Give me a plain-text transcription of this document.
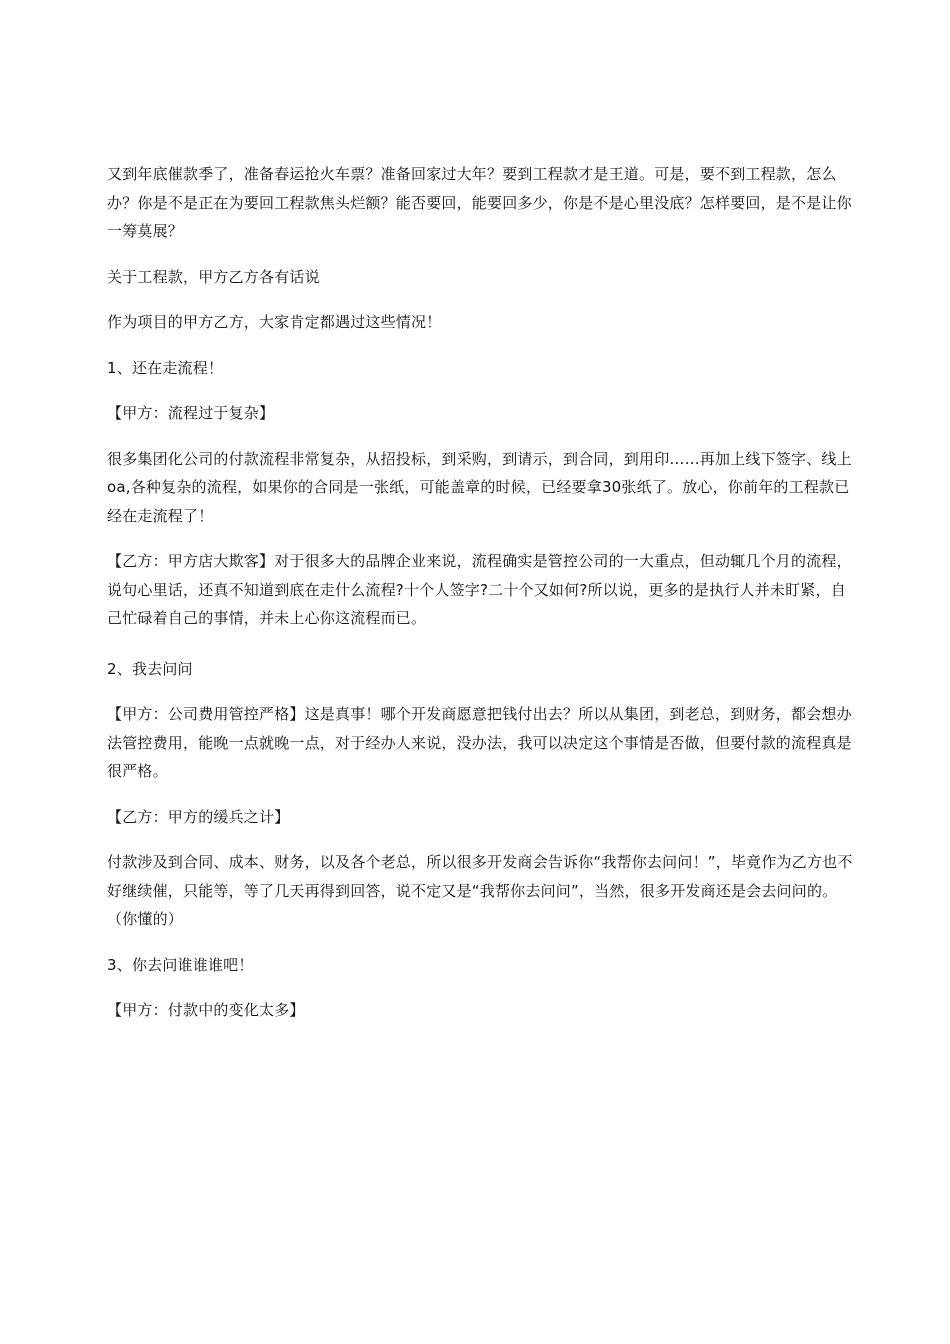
又到年底催款季了，准备春运抢火车票？准备回家过大年？要到工程款才是王道。可是，要不到工程款，怎么办？你是不是正在为要回工程款焦头烂额？能否要回，能要回多少，你是不是心里没底？怎样要回，是不是让你一筹莫展？

关于工程款，甲方乙方各有话说

作为项目的甲方乙方，大家肯定都遇过这些情况！

1、还在走流程！

【甲方：流程过于复杂】

很多集团化公司的付款流程非常复杂，从招投标，到采购，到请示，到合同，到用印……再加上线下签字、线上oa,各种复杂的流程，如果你的合同是一张纸，可能盖章的时候，已经要拿30张纸了。放心，你前年的工程款已经在走流程了！

【乙方：甲方店大欺客】对于很多大的品牌企业来说，流程确实是管控公司的一大重点，但动辄几个月的流程，说句心里话，还真不知道到底在走什么流程?十个人签字?二十个又如何?所以说，更多的是执行人并未盯紧，自己忙碌着自己的事情，并未上心你这流程而已。

2、我去问问

【甲方：公司费用管控严格】这是真事！哪个开发商愿意把钱付出去？所以从集团，到老总，到财务，都会想办法管控费用，能晚一点就晚一点，对于经办人来说，没办法，我可以决定这个事情是否做，但要付款的流程真是很严格。

【乙方：甲方的缓兵之计】

付款涉及到合同、成本、财务，以及各个老总，所以很多开发商会告诉你“我帮你去问问！”，毕竟作为乙方也不好继续催，只能等，等了几天再得到回答，说不定又是“我帮你去问问”，当然，很多开发商还是会去问问的。（你懂的）

3、你去问谁谁谁吧！

【甲方：付款中的变化太多】
